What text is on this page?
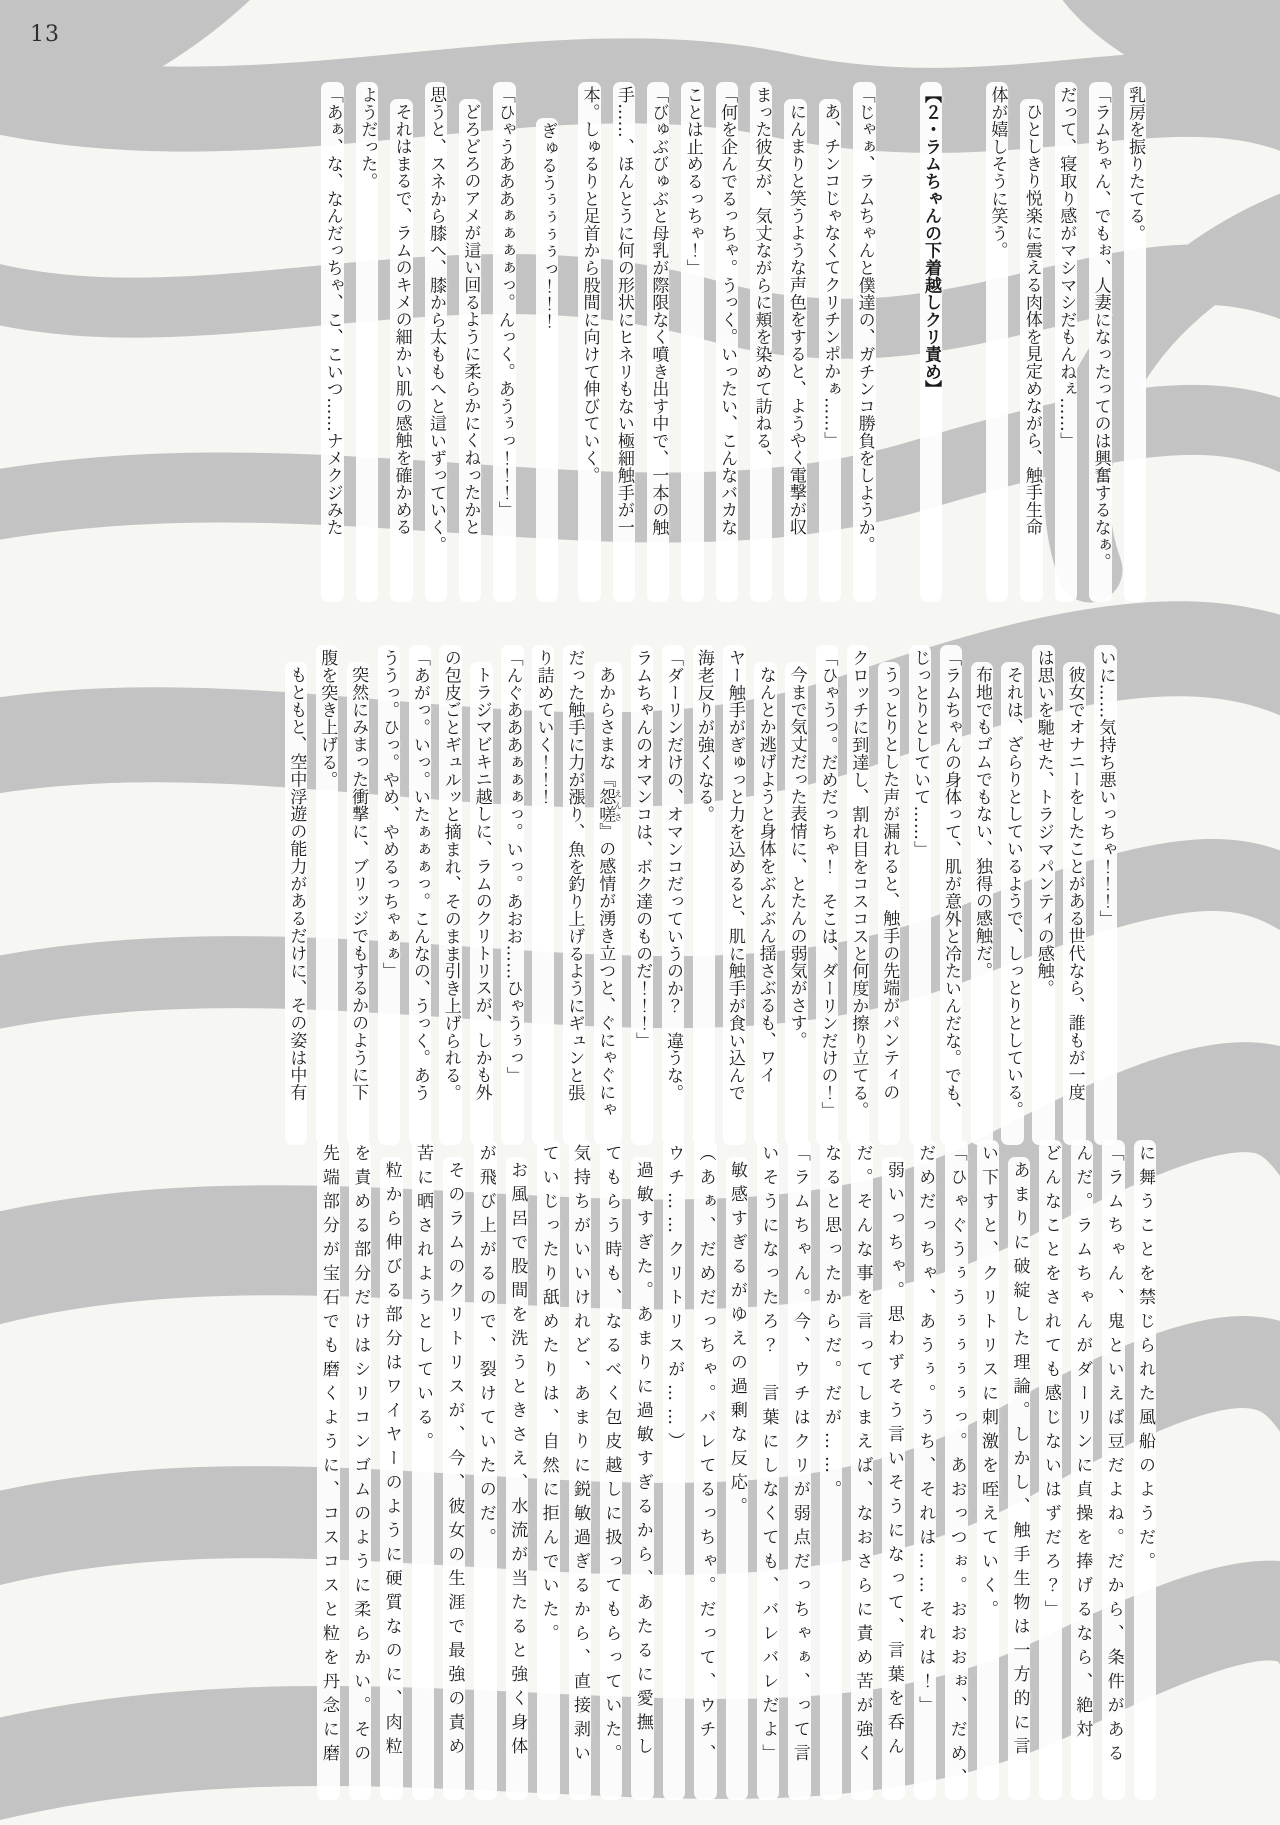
13

乳房を振りたてる。

「ラムちゃん、でもぉ、人妻になったってのは興奮するなぁ。

だって、寝取り感がマシマシだもんねぇ……」

ひとしきり悦楽に震える肉体を見定めながら、触手生命

体が嬉しそうに笑う。

【２・ラムちゃんの下着越しクリ責め】

「じゃぁ、ラムちゃんと僕達の、ガチンコ勝負をしようか。

あ、チンコじゃなくてクリチンポかぁ……」

にんまりと笑うような声色をすると、ようやく電撃が収

まった彼女が、気丈ながらに頬を染めて訪ねる、

「何を企んでるっちゃ。うっく。いったい、こんなバカな

ことは止めるっちゃ！」

「びゅぶびゅぶと母乳が際限なく噴き出す中で、一本の触

手……、ほんとうに何の形状にヒネリもない極細触手が一

本。しゅるりと足首から股間に向けて伸びていく。

ぎゅるうぅぅぅぅっ！！！

「ひゃうあああぁぁぁぁっ。んっく。あうぅっ！！！」

どろどろのアメが這い回るように柔らかにくねったかと

思うと、スネから膝へ、膝から太ももへと這いずっていく。

それはまるで、ラムのキメの細かい肌の感触を確かめる

ようだった。

「あぁ、な、なんだっちゃ、こ、こいつ……ナメクジみた

いに……気持ち悪いっちゃ！！！」

彼女でオナニーをしたことがある世代なら、誰もが一度

は思いを馳せた、トラジマパンティの感触。

それは、ざらりとしているようで、しっとりとしている。

布地でもゴムでもない、独得の感触だ。

「ラムちゃんの身体って、肌が意外と冷たいんだな。でも、

じっとりとしていて……」

うっとりとした声が漏れると、触手の先端がパンティの

クロッチに到達し、割れ目をコスコスと何度か擦り立てる。

「ひゃうっ。だめだっちゃ！　そこは、ダーリンだけの！」

今まで気丈だった表情に、とたんの弱気がさす。

なんとか逃げようと身体をぶんぶん揺さぶるも、ワイ

ヤー触手がぎゅっと力を込めると、肌に触手が食い込んで

海老反りが強くなる。

「ダーリンだけの、オマンコだっていうのか？　違うな。

ラムちゃんのオマンコは、ボク達のものだ！！！」

あからさまな『怨嗟えんさ』の感情が湧き立つと、ぐにゃぐにゃ

だった触手に力が漲り、魚を釣り上げるようにギュンと張

り詰めていく！！！

「んぐあああぁぁぁっ。いっ。あおお……ひゃうぅっ」

トラジマビキニ越しに、ラムのクリトリスが、しかも外

の包皮ごとギュルッと摘まれ、そのまま引き上げられる。

「あがっ。いっ。いたぁぁぁっ。こんなの、うっく。あう

ううっ。ひっ。やめ、やめるっちゃぁぁ」

突然にみまった衝撃に、ブリッジでもするかのように下

腹を突き上げる。

もともと、空中浮遊の能力があるだけに、その姿は中有

に舞うことを禁じられた風船のようだ。

「ラムちゃん、鬼といえば豆だよね。だから、条件がある

んだ。ラムちゃんがダーリンに貞操を捧げるなら、絶対

どんなことをされても感じないはずだろ？」

あまりに破綻した理論。しかし、触手生物は一方的に言

い下すと、クリトリスに刺激を咥えていく。

「ひゃぐうぅうぅぅぅぅっ。あおっつぉ。おおおぉ、だめ、

だめだっちゃ、あうぅ。うち、それは……それは！」

弱いっちゃ。思わずそう言いそうになって、言葉を呑ん

だ。そんな事を言ってしまえば、なおさらに責め苦が強く

なると思ったからだ。だが……。

「ラムちゃん。今、ウチはクリが弱点だっちゃぁ、って言

いそうになったろ？　言葉にしなくても、バレバレだよ」

敏感すぎるがゆえの過剰な反応。

（あぁ、だめだっちゃ。バレてるっちゃ。だって、ウチ、

ウチ……クリトリスが……）

過敏すぎた。あまりに過敏すぎるから、あたるに愛撫し

てもらう時も、なるべく包皮越しに扱ってもらっていた。

気持ちがいいけれど、あまりに鋭敏過ぎるから、直接剥い

ていじったり舐めたりは、自然に拒んでいた。

お風呂で股間を洗うときさえ、水流が当たると強く身体

が飛び上がるので、裂けていたのだ。

そのラムのクリトリスが、今、彼女の生涯で最強の責め

苦に晒されようとしている。

粒から伸びる部分はワイヤーのように硬質なのに、肉粒

を責める部分だけはシリコンゴムのように柔らかい。その

先端部分が宝石でも磨くように、コスコスと粒を丹念に磨
